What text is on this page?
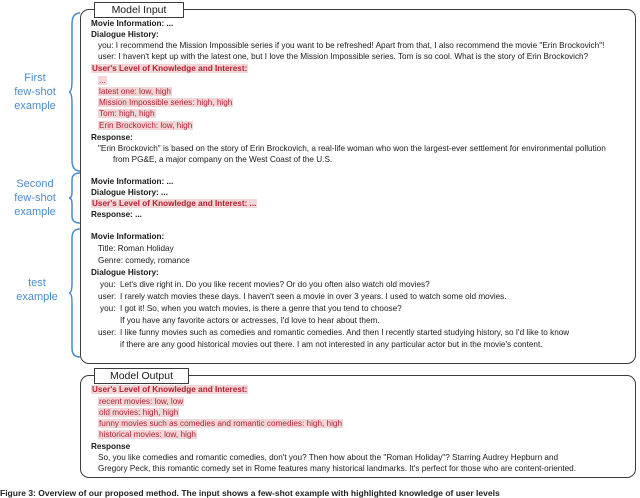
Model Input
Movie Information: ...
Dialogue History:
you: I recommend the Mission Impossible series if you want to be refreshed! Apart from that, I also recommend the movie "Erin Brockovich"!
user: I haven't kept up with the latest one, but I love the Mission Impossible series. Tom is so cool. What is the story of Erin Brockovich?
User's Level of Knowledge and Interest:
...
latest one: low, high
Mission Impossible series: high, high
Tom: high, high
Erin Brockovich: low, high
Response:
"Erin Brockovich" is based on the story of Erin Brockovich, a real-life woman who won the largest-ever settlement for environmental pollution
from PG&E, a major company on the West Coast of the U.S.
Movie Information: ...
Dialogue History: ...
User's Level of Knowledge and Interest: ...
Response: ...
Movie Information:
Title: Roman Holiday
Genre: comedy, romance
Dialogue History:
you: Let's dive right in. Do you like recent movies? Or do you often also watch old movies?
user: I rarely watch movies these days. I haven't seen a movie in over 3 years. I used to watch some old movies.
you: I got it! So, when you watch movies, is there a genre that you tend to choose?
If you have any favorite actors or actresses, I'd love to hear about them.
user: I like funny movies such as comedies and romantic comedies. And then I recently started studying history, so I'd like to know
if there are any good historical movies out there. I am not interested in any particular actor but in the movie's content.
First
few-shot
example
Second
few-shot
example
test
example
Model Output
User's Level of Knowledge and Interest:
recent movies: low, low
old movies: high, high
funny movies such as comedies and romantic comedies: high, high
historical movies: low, high
Response
So, you like comedies and romantic comedies, don't you? Then how about the "Roman Holiday"? Starring Audrey Hepburn and
Gregory Peck, this romantic comedy set in Rome features many historical landmarks. It's perfect for those who are content-oriented.
Figure 3: Overview of our proposed method. The input shows a few-shot example with highlighted knowledge of user levels
